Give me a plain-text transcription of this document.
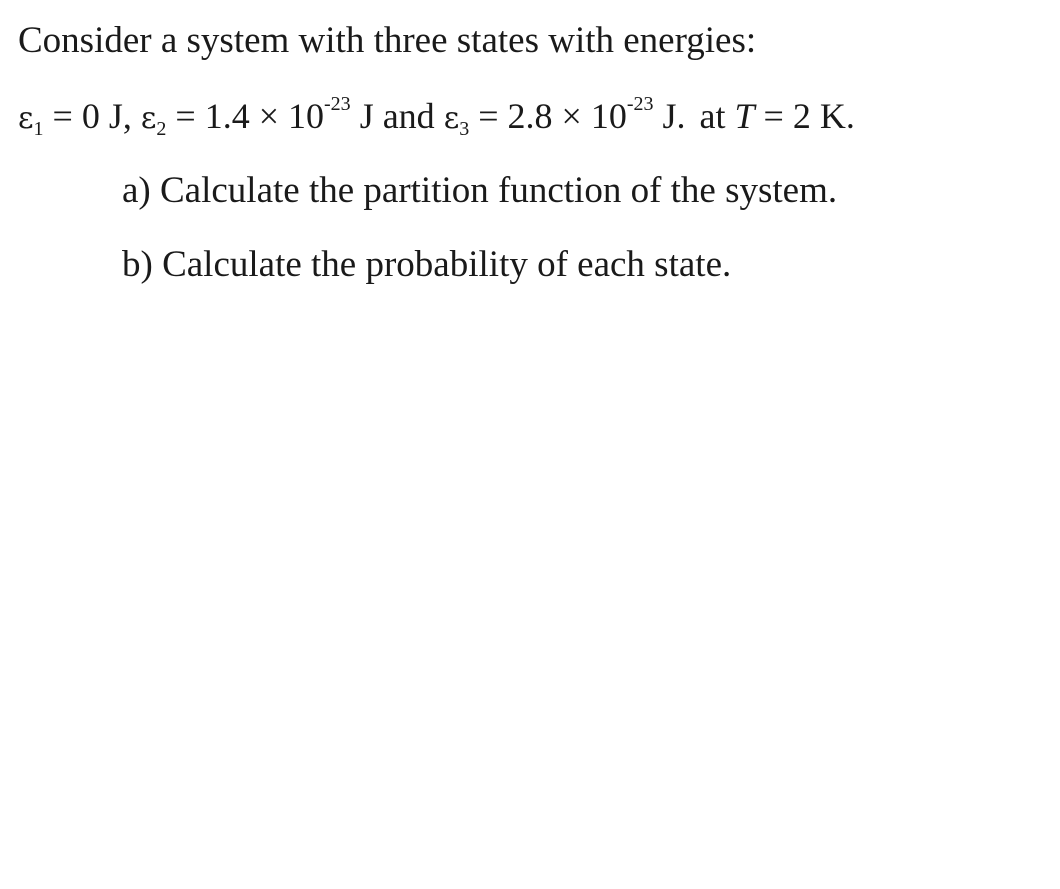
Consider a system with three states with energies:
$\varepsilon_1 = 0$ J, $\varepsilon_2 = 1.4 \times 10^{-23}$ J and $\varepsilon_3 = 2.8 \times 10^{-23}$ J. at T = 2 K.
a) Calculate the partition function of the system.
b) Calculate the probability of each state.
